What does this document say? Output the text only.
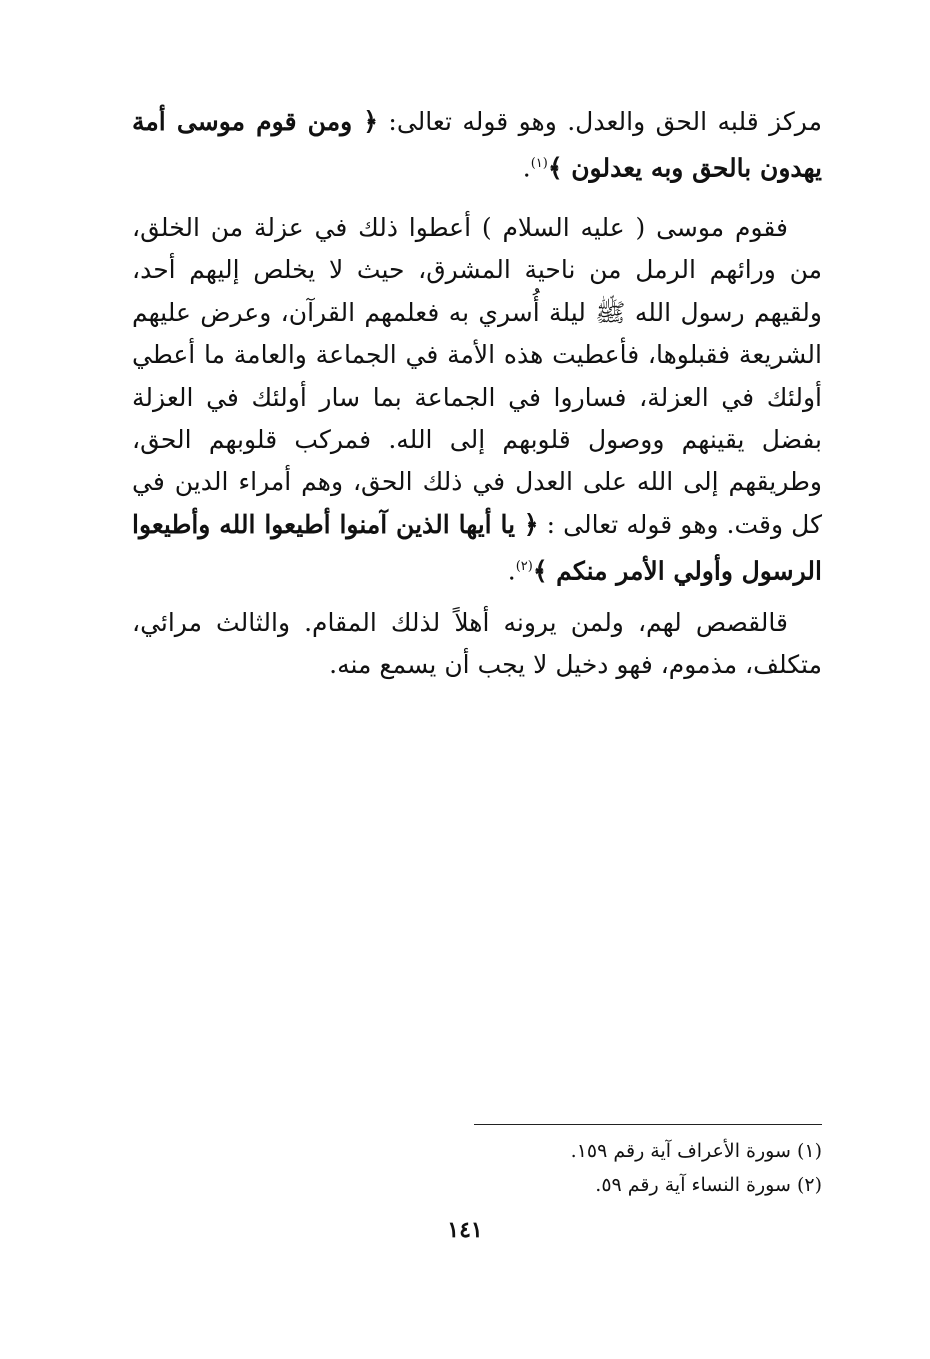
مركز قلبه الحق والعدل. وهو قوله تعالى: ﴿ ومن قوم موسى أمة يهدون بالحق وبه يعدلون ﴾$^{(١)}$.
فقوم موسى ( عليه السلام ) أعطوا ذلك في عزلة من الخلق، من ورائهم الرمل من ناحية المشرق، حيث لا يخلص إليهم أحد، ولقيهم رسول الله ﷺ ليلة أُسري به فعلمهم القرآن، وعرض عليهم الشريعة فقبلوها، فأعطيت هذه الأمة في الجماعة والعامة ما أعطي أولئك في العزلة، فساروا في الجماعة بما سار أولئك في العزلة بفضل يقينهم ووصول قلوبهم إلى الله. فمركب قلوبهم الحق، وطريقهم إلى الله على العدل في ذلك الحق، وهم أمراء الدين في كل وقت. وهو قوله تعالى : ﴿ يا أيها الذين آمنوا أطيعوا الله وأطيعوا الرسول وأولي الأمر منكم ﴾$^{(٢)}$.
قالقصص لهم، ولمن يرونه أهلاً لذلك المقام. والثالث مرائي، متكلف، مذموم، فهو دخيل لا يجب أن يسمع منه.
(١) سورة الأعراف آية رقم ١٥٩.
(٢) سورة النساء آية رقم ٥٩.
١٤١
